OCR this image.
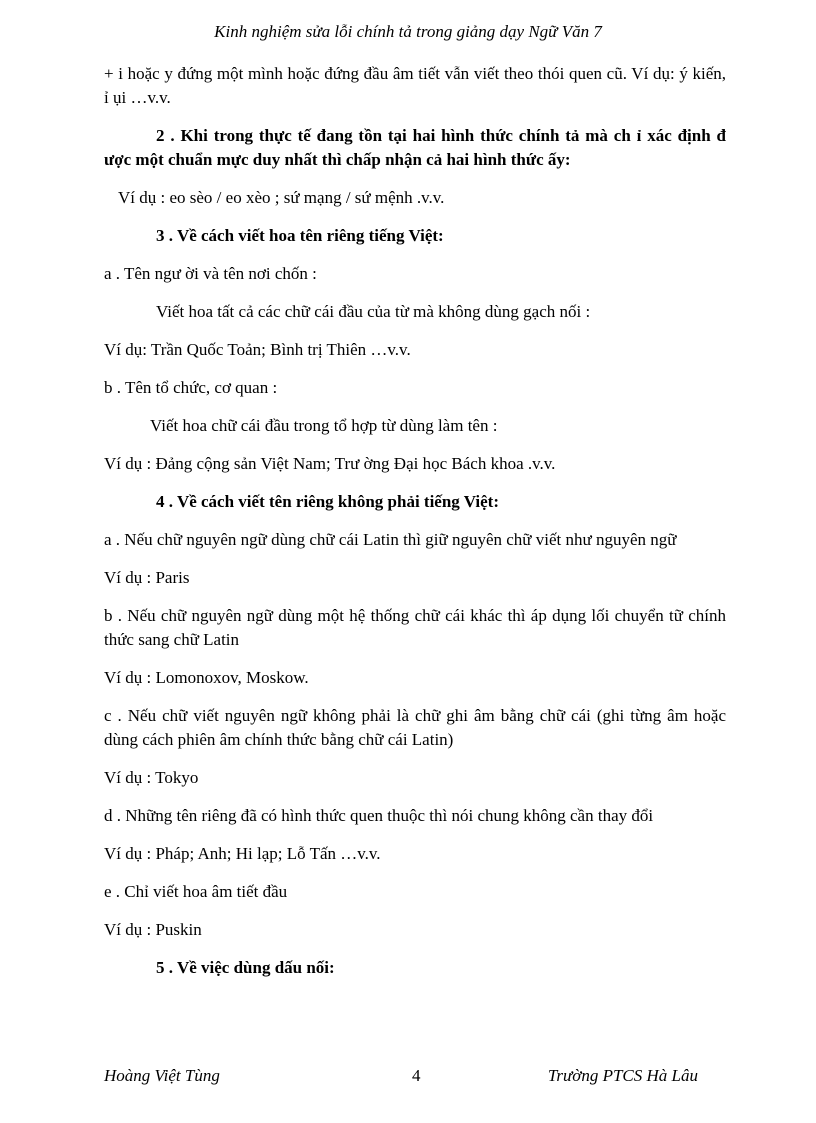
Kinh nghiệm sửa lỗi chính tả trong giảng dạy Ngữ Văn 7

+ i hoặc y đứng một mình hoặc đứng đầu âm tiết vẫn viết theo thói quen cũ. Ví dụ: ý kiến, ỉ ụi …v.v.

2 . Khi trong thực tế đang tồn tại hai hình thức chính tả mà ch ỉ xác định đ ược một chuẩn mực duy nhất thì chấp nhận cả hai hình thức ấy:

Ví dụ : eo sèo / eo xèo ; sứ mạng / sứ mệnh .v.v.

3 . Về cách viết hoa tên riêng tiếng Việt:

a . Tên ngư ời và tên nơi chốn :

Viết hoa tất cả các chữ cái đầu của từ mà không dùng gạch nối :

Ví dụ: Trần Quốc Toản; Bình trị Thiên …v.v.

b . Tên tổ chức, cơ quan :

Viết hoa chữ cái đầu trong tổ hợp từ dùng làm tên :

Ví dụ : Đảng cộng sản Việt Nam; Trư ờng Đại học Bách khoa .v.v.

4 . Về cách viết tên riêng không phải tiếng Việt:

a . Nếu chữ nguyên ngữ dùng chữ cái Latin thì giữ nguyên chữ viết như nguyên ngữ

Ví dụ : Paris

b . Nếu chữ nguyên ngữ dùng một hệ thống chữ cái khác thì áp dụng lối chuyển tữ chính thức sang chữ Latin

Ví dụ : Lomonoxov, Moskow.

c . Nếu chữ viết nguyên ngữ không phải là chữ ghi âm bằng chữ cái (ghi từng âm hoặc dùng cách phiên âm chính thức bằng chữ cái Latin)

Ví dụ : Tokyo

d . Những tên riêng đã có hình thức quen thuộc thì nói chung không cần thay đổi

Ví dụ : Pháp; Anh; Hi lạp; Lỗ Tấn …v.v.

e . Chỉ viết hoa âm tiết đầu

Ví dụ : Puskin

5 . Về việc dùng dấu nối:

Hoàng Việt Tùng	4	Trường PTCS Hà Lâu
